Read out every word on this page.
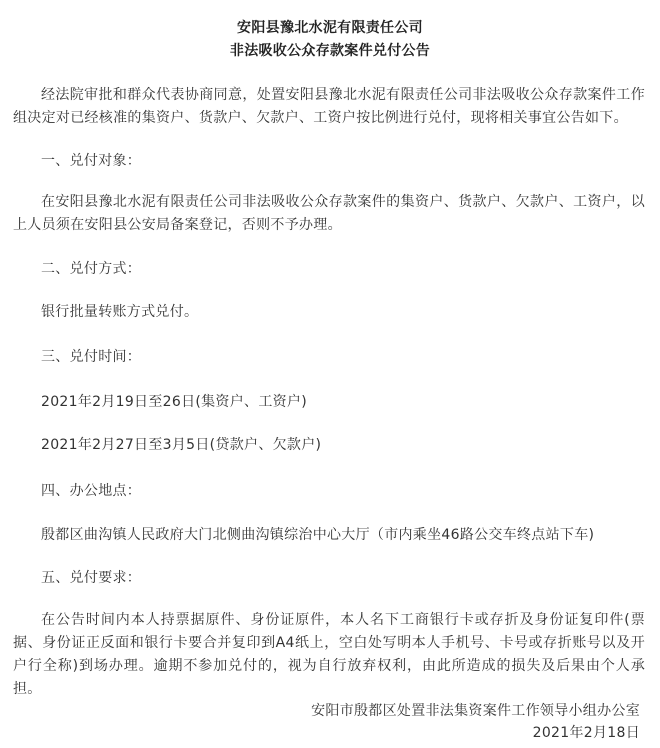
安阳县豫北水泥有限责任公司
非法吸收公众存款案件兑付公告
经法院审批和群众代表协商同意，处置安阳县豫北水泥有限责任公司非法吸收公众存款案件工作组决定对已经核准的集资户、货款户、欠款户、工资户按比例进行兑付，现将相关事宜公告如下。
一、兑付对象：
在安阳县豫北水泥有限责任公司非法吸收公众存款案件的集资户、货款户、欠款户、工资户，以上人员须在安阳县公安局备案登记，否则不予办理。
二、兑付方式：
银行批量转账方式兑付。
三、兑付时间：
2021年2月19日至26日(集资户、工资户)
2021年2月27日至3月5日(贷款户、欠款户)
四、办公地点：
殷都区曲沟镇人民政府大门北侧曲沟镇综治中心大厅（市内乘坐46路公交车终点站下车)
五、兑付要求：
在公告时间内本人持票据原件、身份证原件，本人名下工商银行卡或存折及身份证复印件(票据、身份证正反面和银行卡要合并复印到A4纸上，空白处写明本人手机号、卡号或存折账号以及开户行全称)到场办理。逾期不参加兑付的，视为自行放弃权利，由此所造成的损失及后果由个人承担。
安阳市殷都区处置非法集资案件工作领导小组办公室
2021年2月18日
